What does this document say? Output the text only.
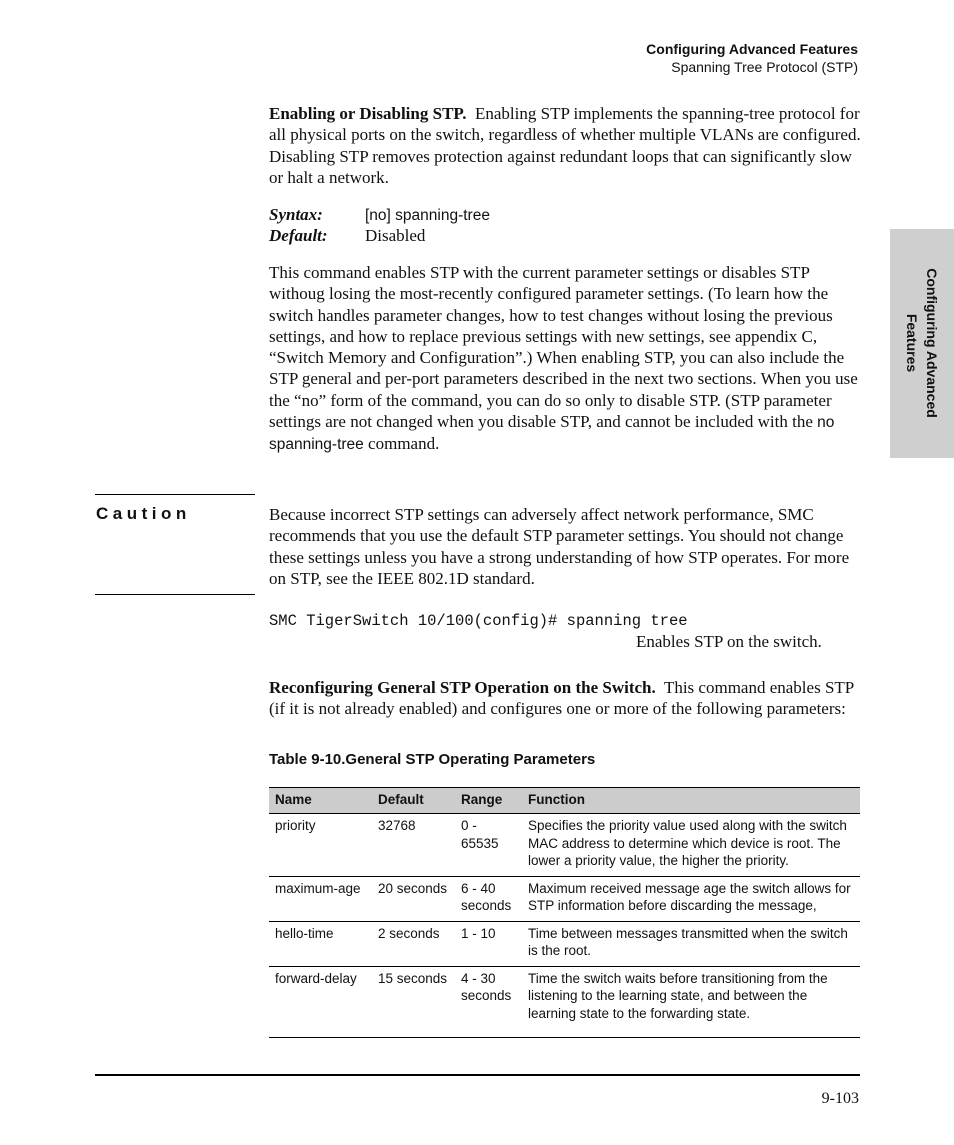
Configuring Advanced Features
Spanning Tree Protocol (STP)
Configuring Advanced Features
Enabling or Disabling STP. Enabling STP implements the spanning-tree protocol for all physical ports on the switch, regardless of whether multiple VLANs are configured. Disabling STP removes protection against redundant loops that can significantly slow or halt a network.
Syntax:	[no] spanning-tree
Default: Disabled
This command enables STP with the current parameter settings or disables STP withoug losing the most-recently configured parameter settings. (To learn how the switch handles parameter changes, how to test changes without losing the previous settings, and how to replace previous settings with new settings, see appendix C, “Switch Memory and Configuration”.) When enabling STP, you can also include the STP general and per-port parameters described in the next two sections. When you use the “no” form of the command, you can do so only to disable STP. (STP parameter settings are not changed when you disable STP, and cannot be included with the no spanning-tree command.
Caution	Because incorrect STP settings can adversely affect network performance, SMC recommends that you use the default STP parameter settings. You should not change these settings unless you have a strong understanding of how STP operates. For more on STP, see the IEEE 802.1D standard.
SMC TigerSwitch 10/100(config)# spanning tree
Enables STP on the switch.
Reconfiguring General STP Operation on the Switch. This command enables STP (if it is not already enabled) and configures one or more of the following parameters:
Table 9-10.General STP Operating Parameters
Name	Default	Range	Function
priority	32768	0 - 65535	Specifies the priority value used along with the switch MAC address to determine which device is root. The lower a priority value, the higher the priority.
maximum-age	20 seconds	6 - 40 seconds	Maximum received message age the switch allows for STP information before discarding the message,
hello-time	2 seconds	1 - 10	Time between messages transmitted when the switch is the root.
forward-delay	15 seconds	4 - 30 seconds	Time the switch waits before transitioning from the listening to the learning state, and between the learning state to the forwarding state.
9-103
